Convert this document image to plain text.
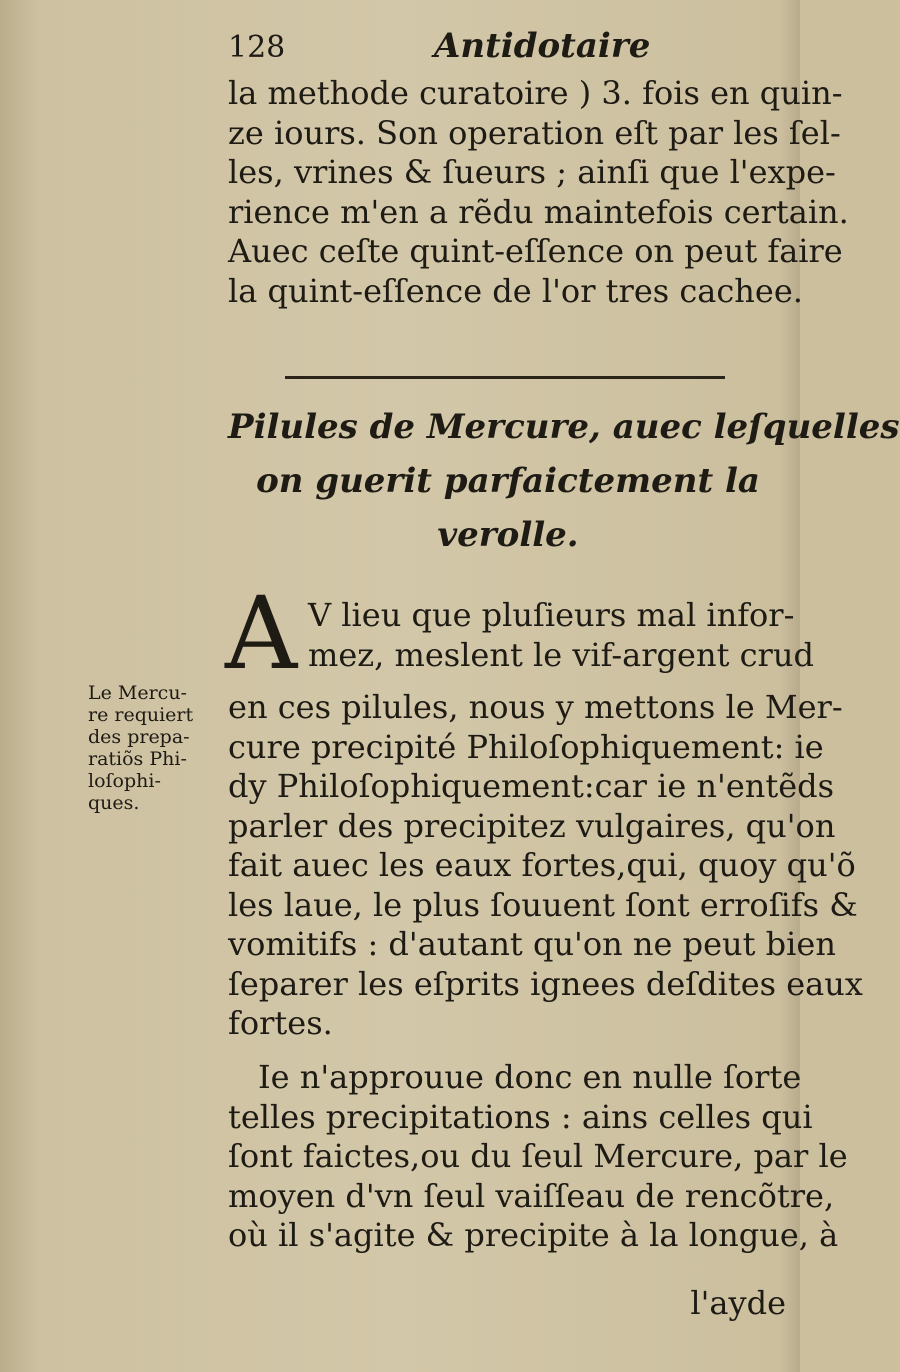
128	Antidotaire
la methode curatoire ) 3. fois en quin-
ze iours. Son operation eſt par les ſel-
les, vrines & ſueurs ; ainſi que l'expe-
rience m'en a rẽdu maintefois certain.
Auec ceſte quint-eſſence on peut faire
la quint-eſſence de l'or tres cachee.
Pilules de Mercure, auec leſquelles
on guerit parfaictement la
verolle.
A V lieu que pluſieurs mal infor-
mez, meslent le vif-argent crud
en ces pilules, nous y mettons le Mer-
cure precipité Philoſophiquement: ie
dy Philoſophiquement:car ie n'entẽds
parler des precipitez vulgaires, qu'on
fait auec les eaux fortes,qui, quoy qu'õ
les laue, le plus ſouuent ſont erroſifs &
vomitifs : d'autant qu'on ne peut bien
ſeparer les eſprits ignees deſdites eaux
fortes.
Ie n'approuue donc en nulle ſorte
telles precipitations : ains celles qui
ſont faictes,ou du ſeul Mercure, par le
moyen d'vn ſeul vaiſſeau de rencõtre,
où il s'agite & precipite à la longue, à
Le Mercu-
re requiert
des prepa-
ratiõs Phi-
loſophi-
ques.
l'ayde
